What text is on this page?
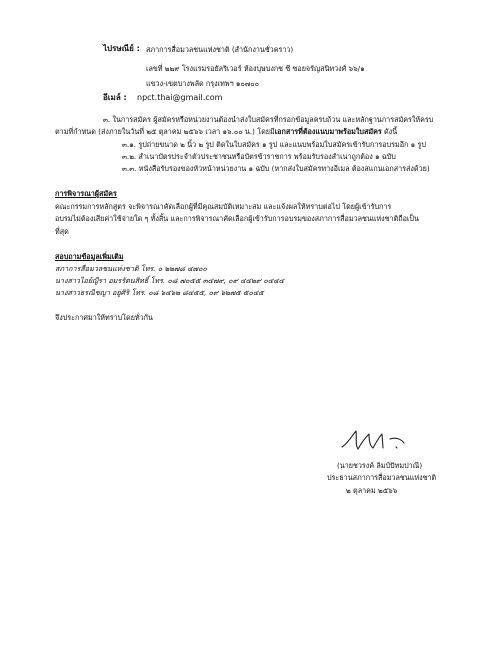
ไปรษณีย์ : สภาการสื่อมวลชนแห่งชาติ (สำนักงานชั่วคราว)
เลขที่ ๒๒๙ โรงแรมรอยัลริเวอร์ ห้องบุษบงกช ซี ซอยจรัญสนิทวงศ์ ๖๖/๑
แขวง-เขตบางพลัด กรุงเทพฯ ๑๐๗๐๐
อีเมล์ : npct.thai@gmail.com
๓. ในการสมัคร ผู้สมัครหรือหน่วยงานต้องนำส่งใบสมัครที่กรอกข้อมูลครบถ้วน และหลักฐานการสมัครให้ครบ
ตามที่กำหนด (ส่งภายในวันที่ ๒๕ ตุลาคม ๒๕๖๖ เวลา ๑๖.๐๐ น.) โดยมีเอกสารที่ต้องแนบมาพร้อมใบสมัคร ดังนี้
๓.๑. รูปถ่ายขนาด ๒ นิ้ว ๒ รูป ติดในใบสมัคร ๑ รูป และแนบพร้อมใบสมัครเข้ารับการอบรมอีก ๑ รูป
๓.๒. สำเนาบัตรประจำตัวประชาชนหรือบัตรข้าราชการ พร้อมรับรองสำเนาถูกต้อง ๑ ฉบับ
๓.๓. หนังสือรับรองของหัวหน้าหน่วยงาน ๑ ฉบับ (หากส่งใบสมัครทางอีเมล ต้องสแกนเอกสารส่งด้วย)
การพิจารณาผู้สมัคร
คณะกรรมการหลักสูตร จะพิจารณาคัดเลือกผู้ที่มีคุณสมบัติเหมาะสม และแจ้งผลให้ทราบต่อไป โดยผู้เข้ารับการ
อบรมไม่ต้องเสียค่าใช้จ่ายใด ๆ ทั้งสิ้น และการพิจารณาคัดเลือกผู้เข้ารับการอบรมของสภาการสื่อมวลชนแห่งชาติถือเป็น
ที่สุด
สอบถามข้อมูลเพิ่มเติม
สภาการสื่อมวลชนแห่งชาติ โทร. ๐ ๒๒๗๘ ๔๗๐๐
นางสาวไอย์ญีรา อมรรัตนสิทธิ์ โทร. ๐๘ ๗๐๕๕ ๓๔๗๙, ๐๙ ๔๔๒๙ ๐๔๔๔
นางสาวธรณีชญา อยู่ศิริ โทร. ๐๘ ๖๔๖๒ ๘๔๕๕, ๐๙ ๖๒๗๕ ๕๐๔๕
จึงประกาศมาให้ทราบโดยทั่วกัน
(นายชวรงค์ ลิมป์ปัทมปาณี)
ประธานสภาการสื่อมวลชนแห่งชาติ
๒ ตุลาคม ๒๕๖๖
